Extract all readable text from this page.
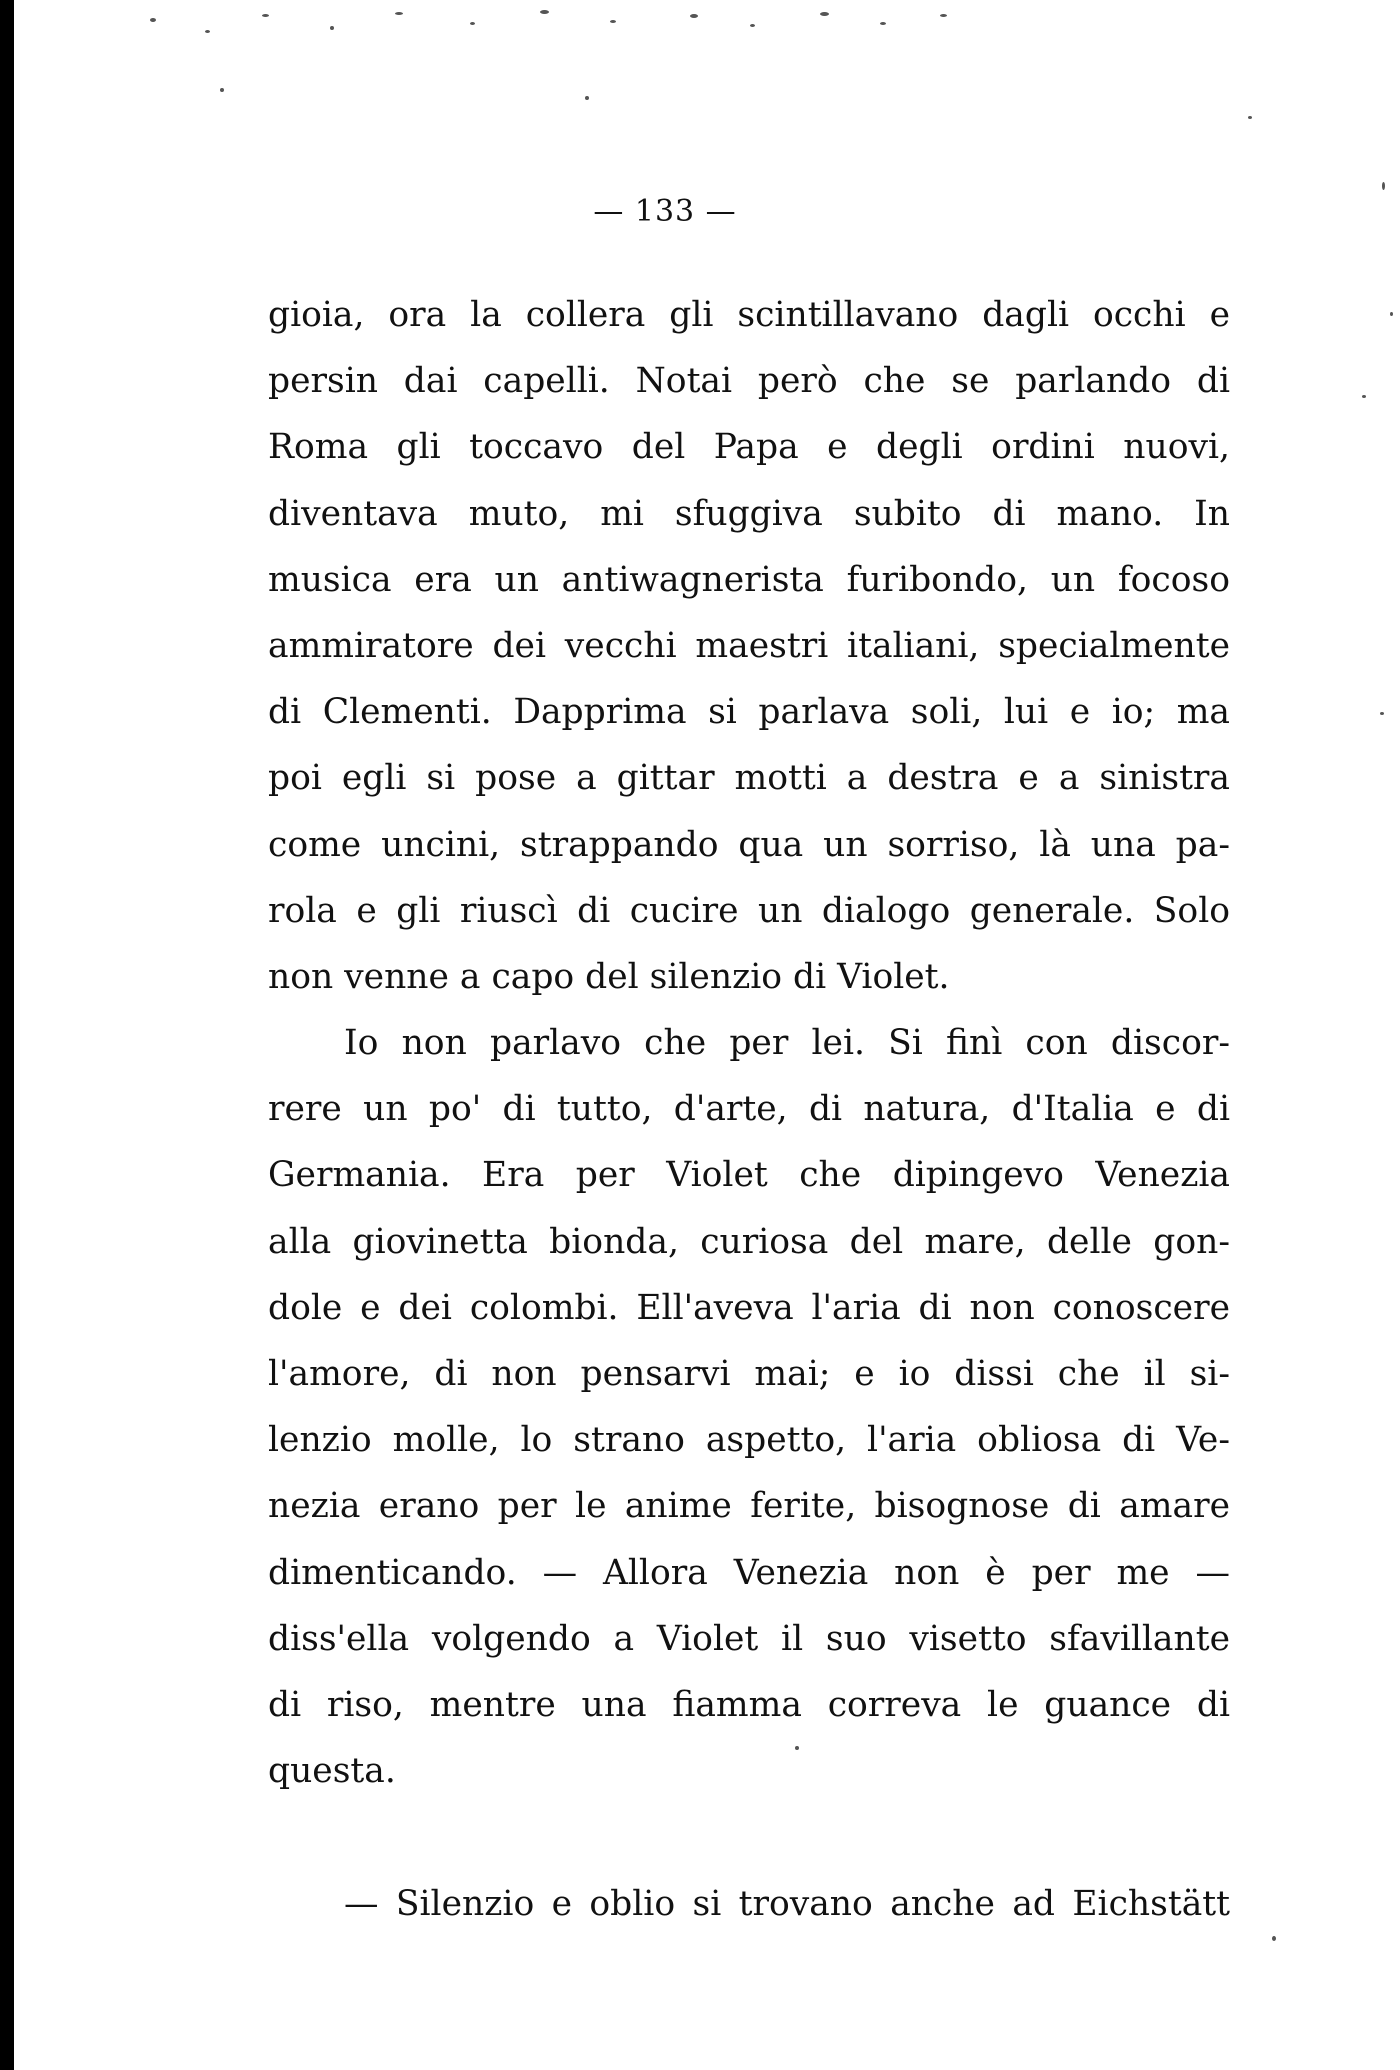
— 133 —
gioia, ora la collera gli scintillavano dagli occhi e
persin dai capelli. Notai però che se parlando di
Roma gli toccavo del Papa e degli ordini nuovi,
diventava muto, mi sfuggiva subito di mano. In
musica era un antiwagnerista furibondo, un focoso
ammiratore dei vecchi maestri italiani, specialmente
di Clementi. Dapprima si parlava soli, lui e io; ma
poi egli si pose a gittar motti a destra e a sinistra
come uncini, strappando qua un sorriso, là una pa-
rola e gli riuscì di cucire un dialogo generale. Solo
non venne a capo del silenzio di Violet.
Io non parlavo che per lei. Si finì con discor-
rere un po' di tutto, d'arte, di natura, d'Italia e di
Germania. Era per Violet che dipingevo Venezia
alla giovinetta bionda, curiosa del mare, delle gon-
dole e dei colombi. Ell'aveva l'aria di non conoscere
l'amore, di non pensarvi mai; e io dissi che il si-
lenzio molle, lo strano aspetto, l'aria obliosa di Ve-
nezia erano per le anime ferite, bisognose di amare
dimenticando. — Allora Venezia non è per me —
diss'ella volgendo a Violet il suo visetto sfavillante
di riso, mentre una fiamma correva le guance di
questa.
— Silenzio e oblio si trovano anche ad Eichstätt
